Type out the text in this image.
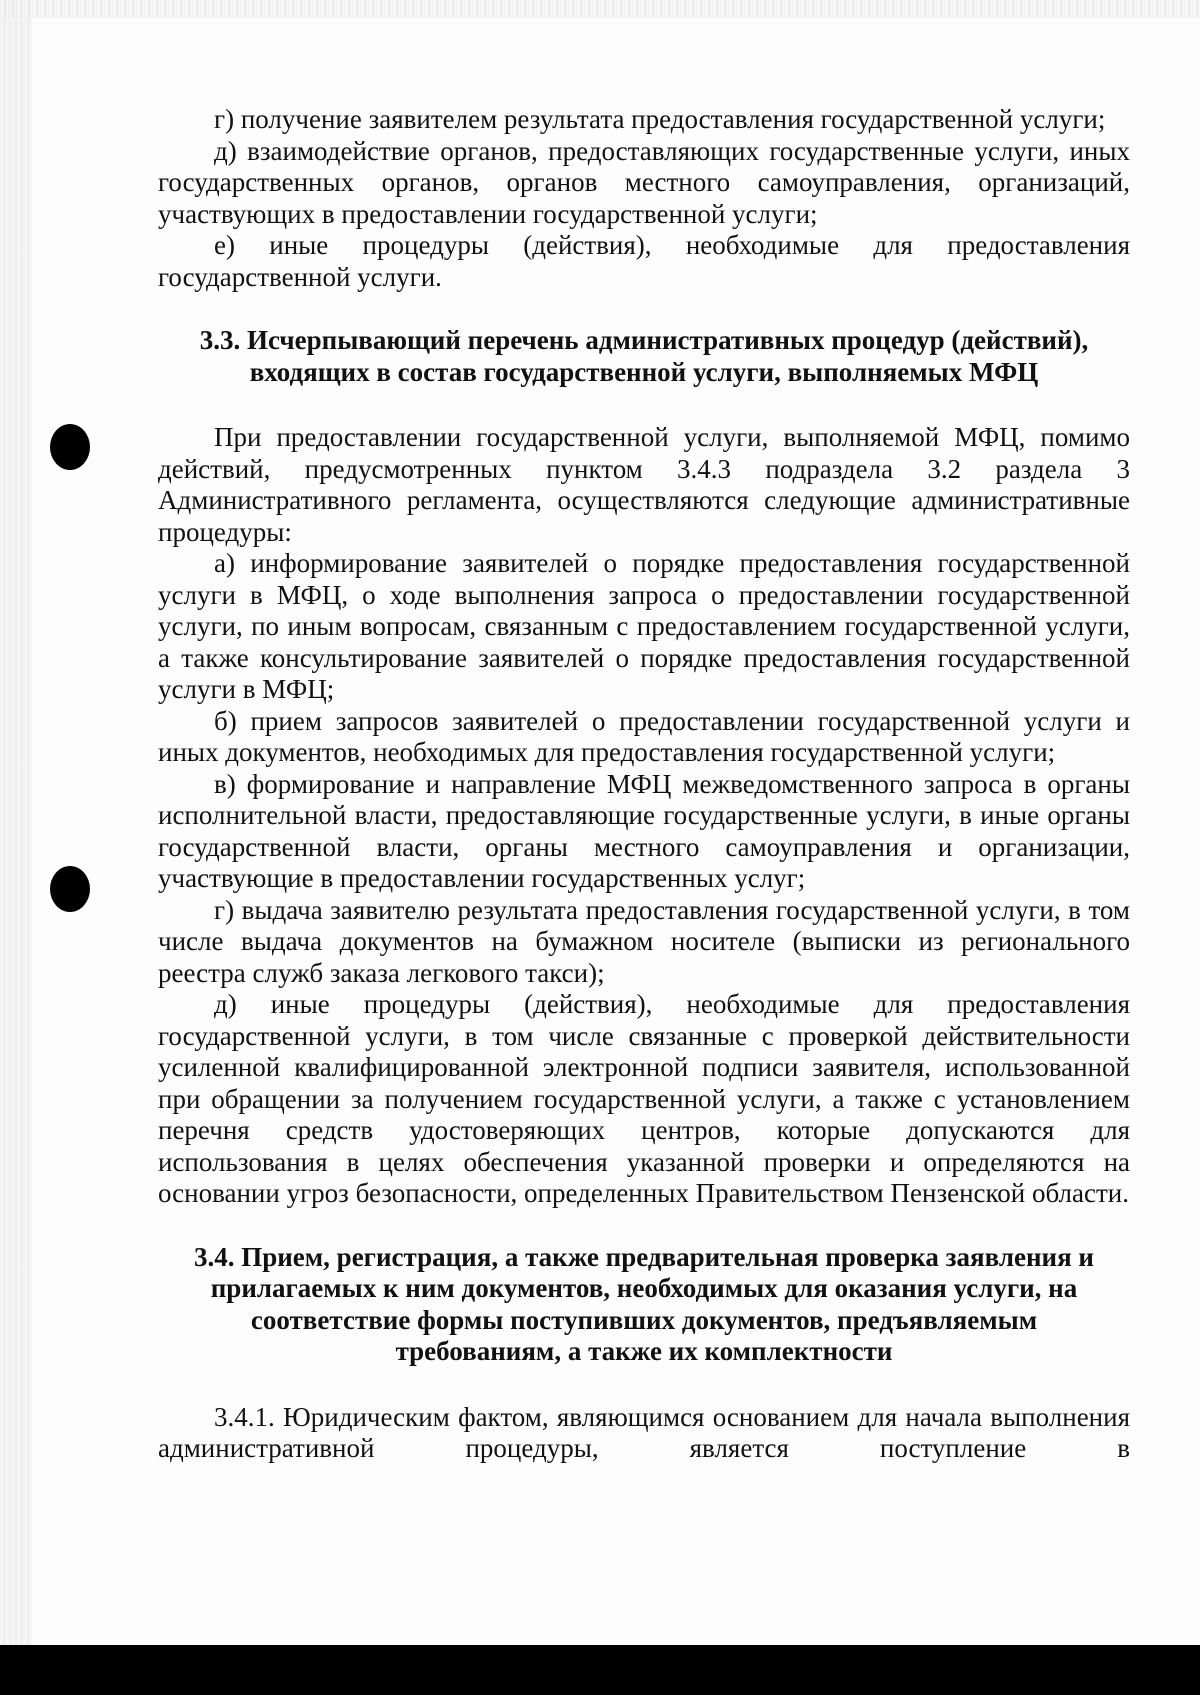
г) получение заявителем результата предоставления государственной услуги;

д) взаимодействие органов, предоставляющих государственные услуги, иных государственных органов, органов местного самоуправления, организаций, участвующих в предоставлении государственной услуги;

е) иные процедуры (действия), необходимые для предоставления государственной услуги.

3.3. Исчерпывающий перечень административных процедур (действий),
входящих в состав государственной услуги, выполняемых МФЦ

При предоставлении государственной услуги, выполняемой МФЦ, помимо действий, предусмотренных пунктом 3.4.3 подраздела 3.2 раздела 3 Административного регламента, осуществляются следующие административные процедуры:

а) информирование заявителей о порядке предоставления государственной услуги в МФЦ, о ходе выполнения запроса о предоставлении государственной услуги, по иным вопросам, связанным с предоставлением государственной услуги, а также консультирование заявителей о порядке предоставления государственной услуги в МФЦ;

б) прием запросов заявителей о предоставлении государственной услуги и иных документов, необходимых для предоставления государственной услуги;

в) формирование и направление МФЦ межведомственного запроса в органы исполнительной власти, предоставляющие государственные услуги, в иные органы государственной власти, органы местного самоуправления и организации, участвующие в предоставлении государственных услуг;

г) выдача заявителю результата предоставления государственной услуги, в том числе выдача документов на бумажном носителе (выписки из регионального реестра служб заказа легкового такси);

д) иные процедуры (действия), необходимые для предоставления государственной услуги, в том числе связанные с проверкой действительности усиленной квалифицированной электронной подписи заявителя, использованной при обращении за получением государственной услуги, а также с установлением перечня средств удостоверяющих центров, которые допускаются для использования в целях обеспечения указанной проверки и определяются на основании угроз безопасности, определенных Правительством Пензенской области.

3.4. Прием, регистрация, а также предварительная проверка заявления и
прилагаемых к ним документов, необходимых для оказания услуги, на
соответствие формы поступивших документов, предъявляемым
требованиям, а также их комплектности

3.4.1. Юридическим фактом, являющимся основанием для начала выполнения административной процедуры, является поступление в
